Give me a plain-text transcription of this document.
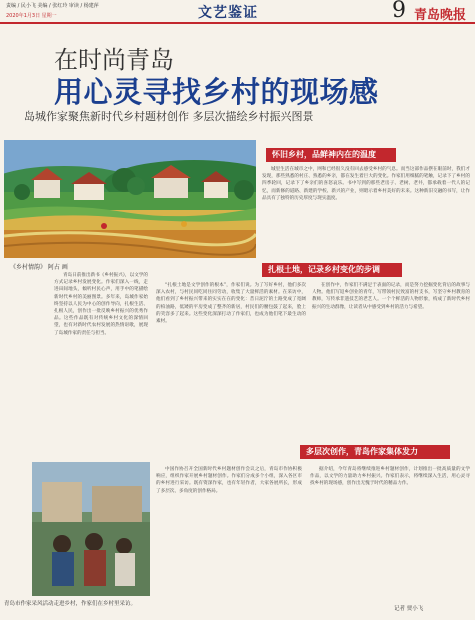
责编 / 民小飞 美编 / 张红玲 审读 / 杨建萍
2020年1月3日 星期一	文艺鉴证	9 青岛晚报
在时尚青岛
用心灵寻找乡村的现场感
岛城作家聚焦新时代乡村题材创作 多层次描绘乡村振兴图景
《乡村情韵》 阿占 画
怀旧乡村，品鲜神内在的温度

城里生活在城市之中，网和已经很久没有回去感受乡村的气息。而当这部作品摆在眼前时，我们才发现，那些熟悉的村庄、熟悉的乡亲，都在发生着巨大的变化。作家们用细腻的笔触，记录下了乡村的四季轮回，记录下了乡亲们的喜怒哀乐。书中写到的那些老房子、老树、老井，都承载着一代人的记忆，而新修的道路、新建的学校、新兴的产业，则昭示着乡村美好的未来。这种新旧交融的书写，让作品具有了独特的历史厚度与现实温度。

青岛日前推出新书《乡村振兴》，以文学的方式记录乡村发展变化。作家们深入一线，走进田间地头，倾听村民心声，用手中的笔描绘新时代乡村的美丽图景。多年来，岛城作家始终坚持以人民为中心的创作导向，扎根生活、扎根人民，创作出一批反映乡村振兴的优秀作品。这些作品既有对传统乡村文化的深情回望，也有对新时代农村发展的热情讴歌，展现了岛城作家的责任与担当。

扎根土地，记录乡村变化的步调

“扎根土地是文学创作的根本”，作家们说。为了写好乡村，他们多次深入农村，与村民同吃同住同劳动，收集了大量鲜活的素材。在采访中，他们看到了乡村振兴带来的实实在在的变化：昔日泥泞的土路变成了宽阔的柏油路，低矮的平房变成了整齐的新居，村民们的腰包鼓了起来，脸上的笑容多了起来。这些变化深深打动了作家们，也成为他们笔下最生动的素材。

在创作中，作家们不满足于表面的记录，而是努力挖掘变化背后的故事与人物。他们写返乡创业的青年，写带领村民致富的村支书，写坚守乡村教育的教师，写传承非遗技艺的老艺人。一个个鲜活的人物形象，构成了新时代乡村振兴的生动群像，让读者从中感受到乡村的活力与希望。

多层次创作，青岛作家集体发力

中国作协召开全国新时代乡村题材创作会议之后，青岛市作协积极响应，组织作家开展乡村题材创作。作家们分成多个小组，深入各区市的乡村进行采访。既有资深作家，也有年轻作者，大家各展所长，形成了多层次、多角度的创作格局。

据介绍，今年青岛将继续推进乡村题材创作，计划推出一批高质量的文学作品，以文学的力量助力乡村振兴。作家们表示，将继续深入生活，用心灵寻找乡村的现场感，创作出无愧于时代的精品力作。

青岛市作家采风活动走进乡村，作家们在乡村里采访。
记者 贾小飞
